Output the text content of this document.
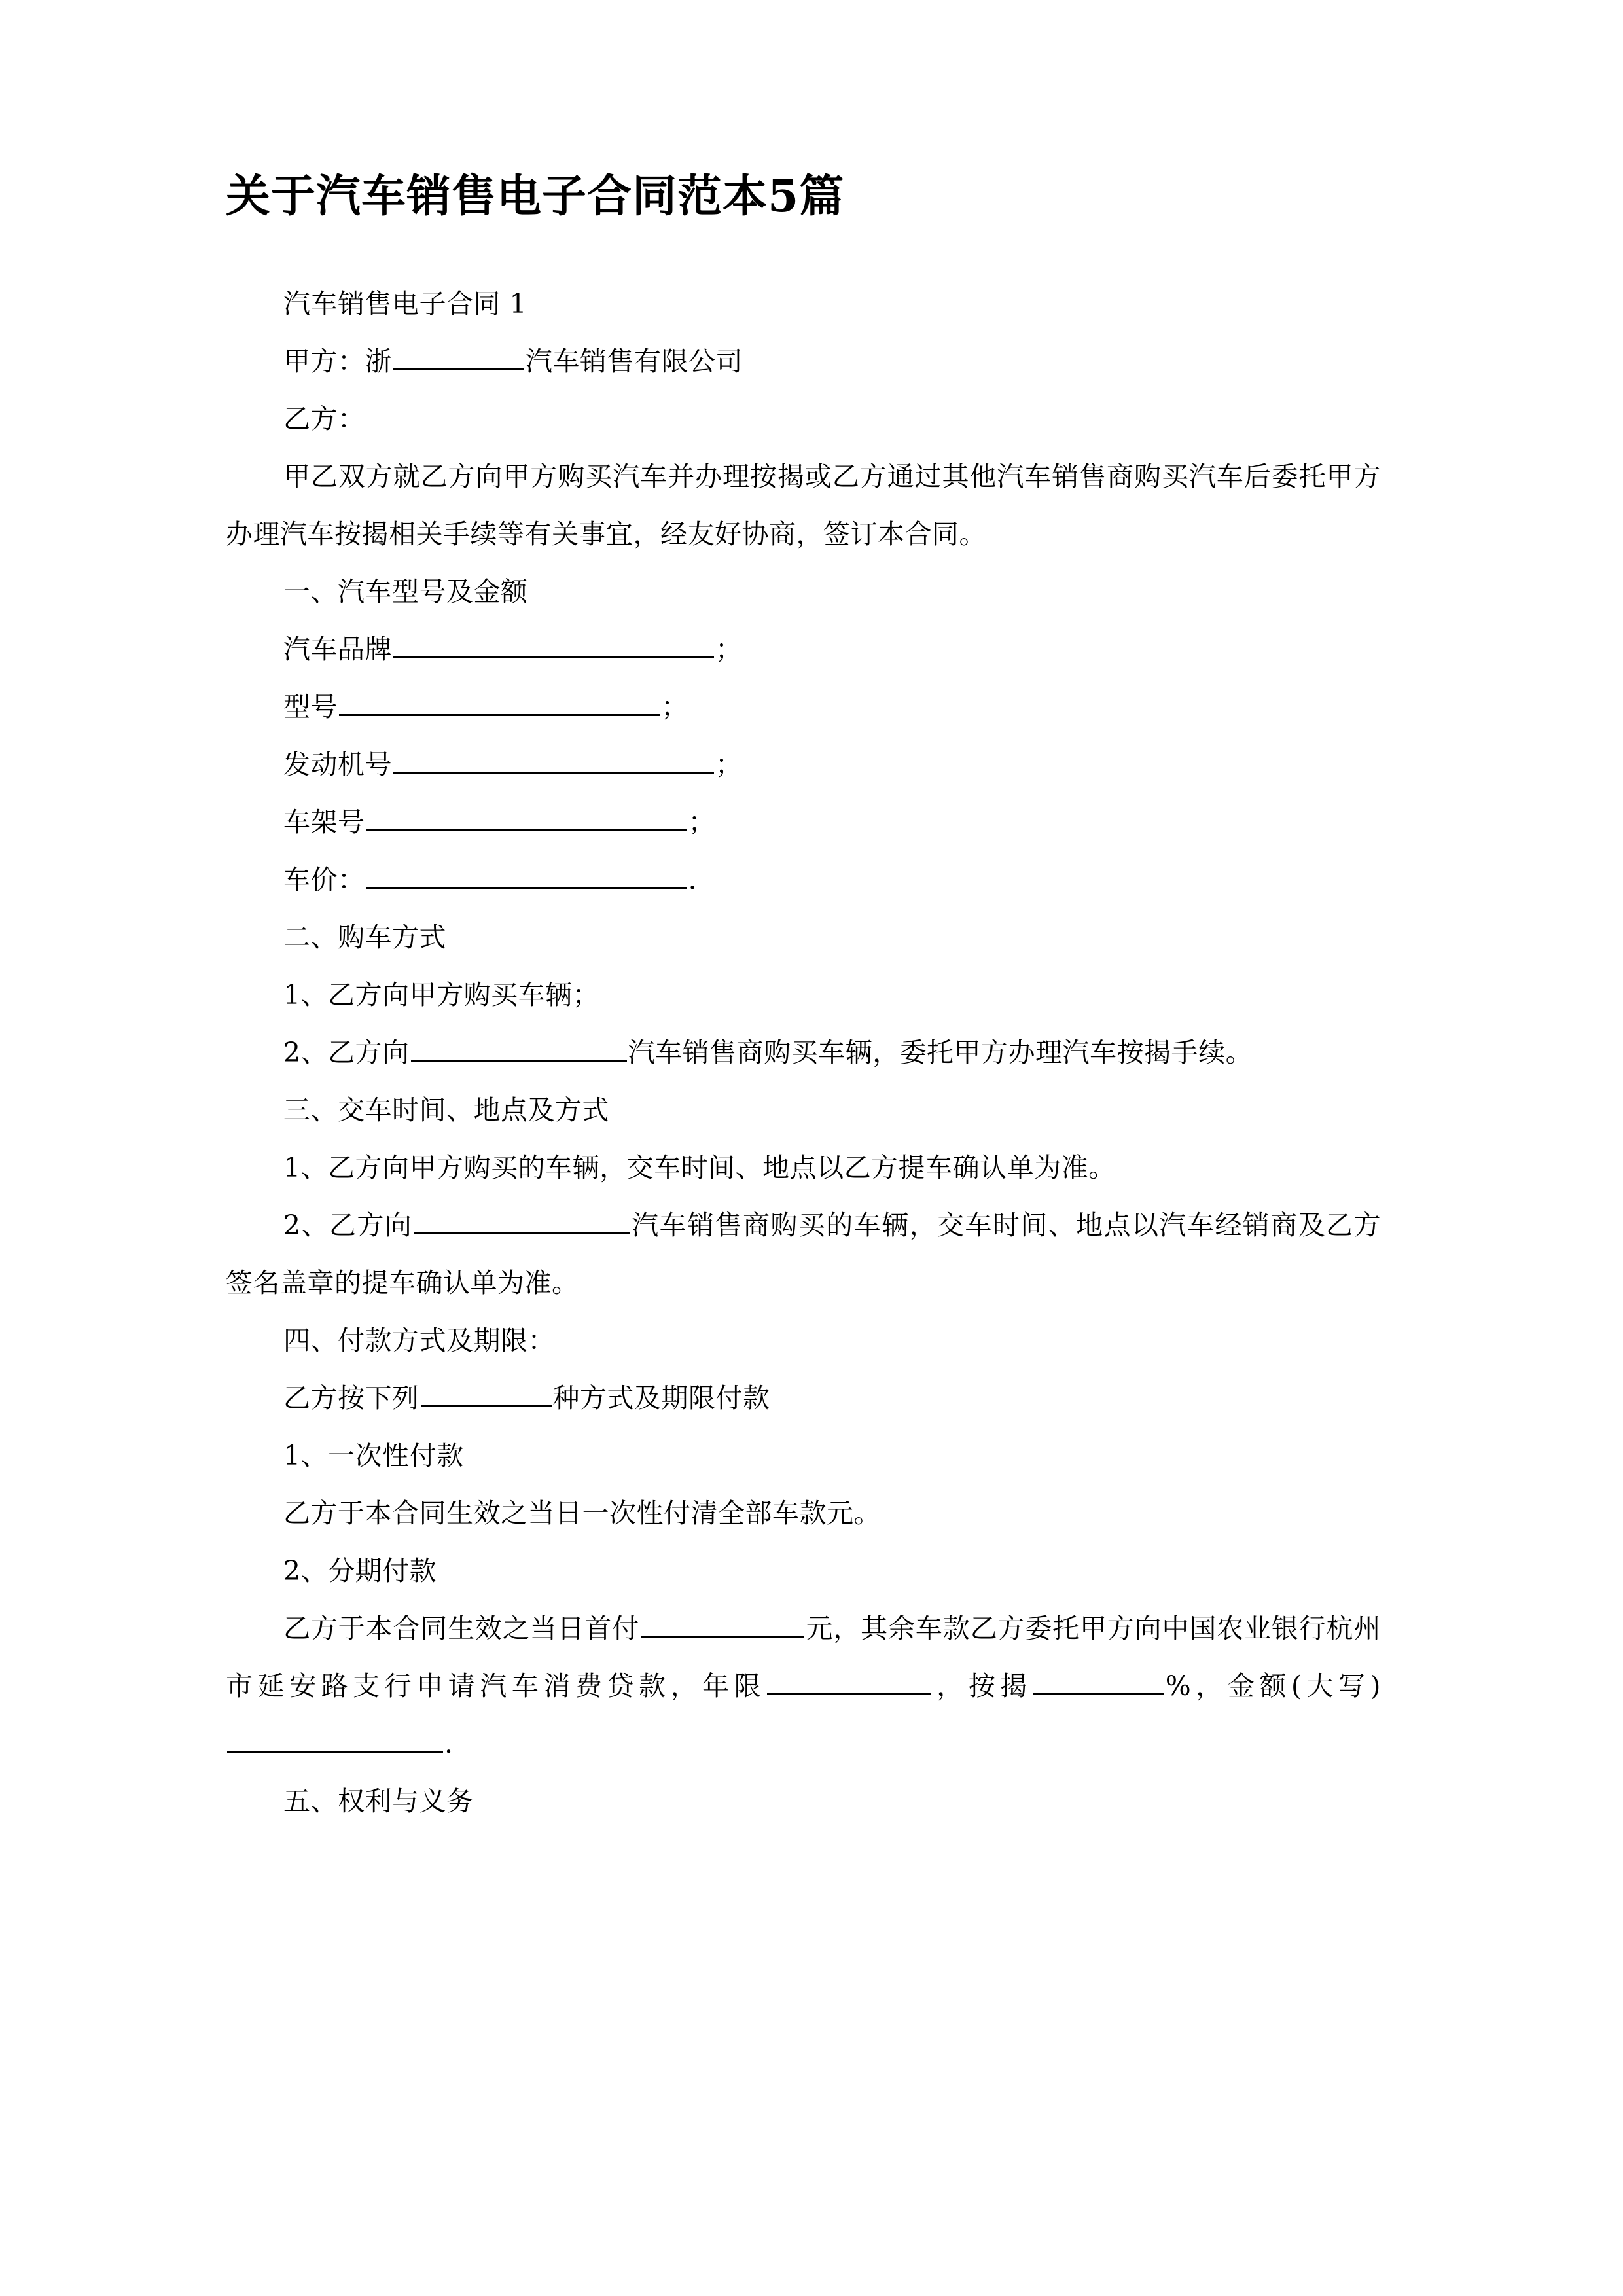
关于汽车销售电子合同范本5篇

汽车销售电子合同 1

甲方：浙	汽车销售有限公司

乙方：

甲乙双方就乙方向甲方购买汽车并办理按揭或乙方通过其他汽车销售商购买汽车后委托甲方办理汽车按揭相关手续等有关事宜，经友好协商，签订本合同。

一、汽车型号及金额

汽车品牌	；

型号	；

发动机号	；

车架号	；

车价：	.

二、购车方式

1、乙方向甲方购买车辆；

2、乙方向	汽车销售商购买车辆，委托甲方办理汽车按揭手续。

三、交车时间、地点及方式

1、乙方向甲方购买的车辆，交车时间、地点以乙方提车确认单为准。

2、乙方向	汽车销售商购买的车辆，交车时间、地点以汽车经销商及乙方签名盖章的提车确认单为准。

四、付款方式及期限：

乙方按下列	种方式及期限付款

1、一次性付款

乙方于本合同生效之当日一次性付清全部车款元。

2、分期付款

乙方于本合同生效之当日首付	元，其余车款乙方委托甲方向中国农业银行杭州市延安路支行申请汽车消费贷款，年限	，按揭	%，金额(大写).

五、权利与义务
